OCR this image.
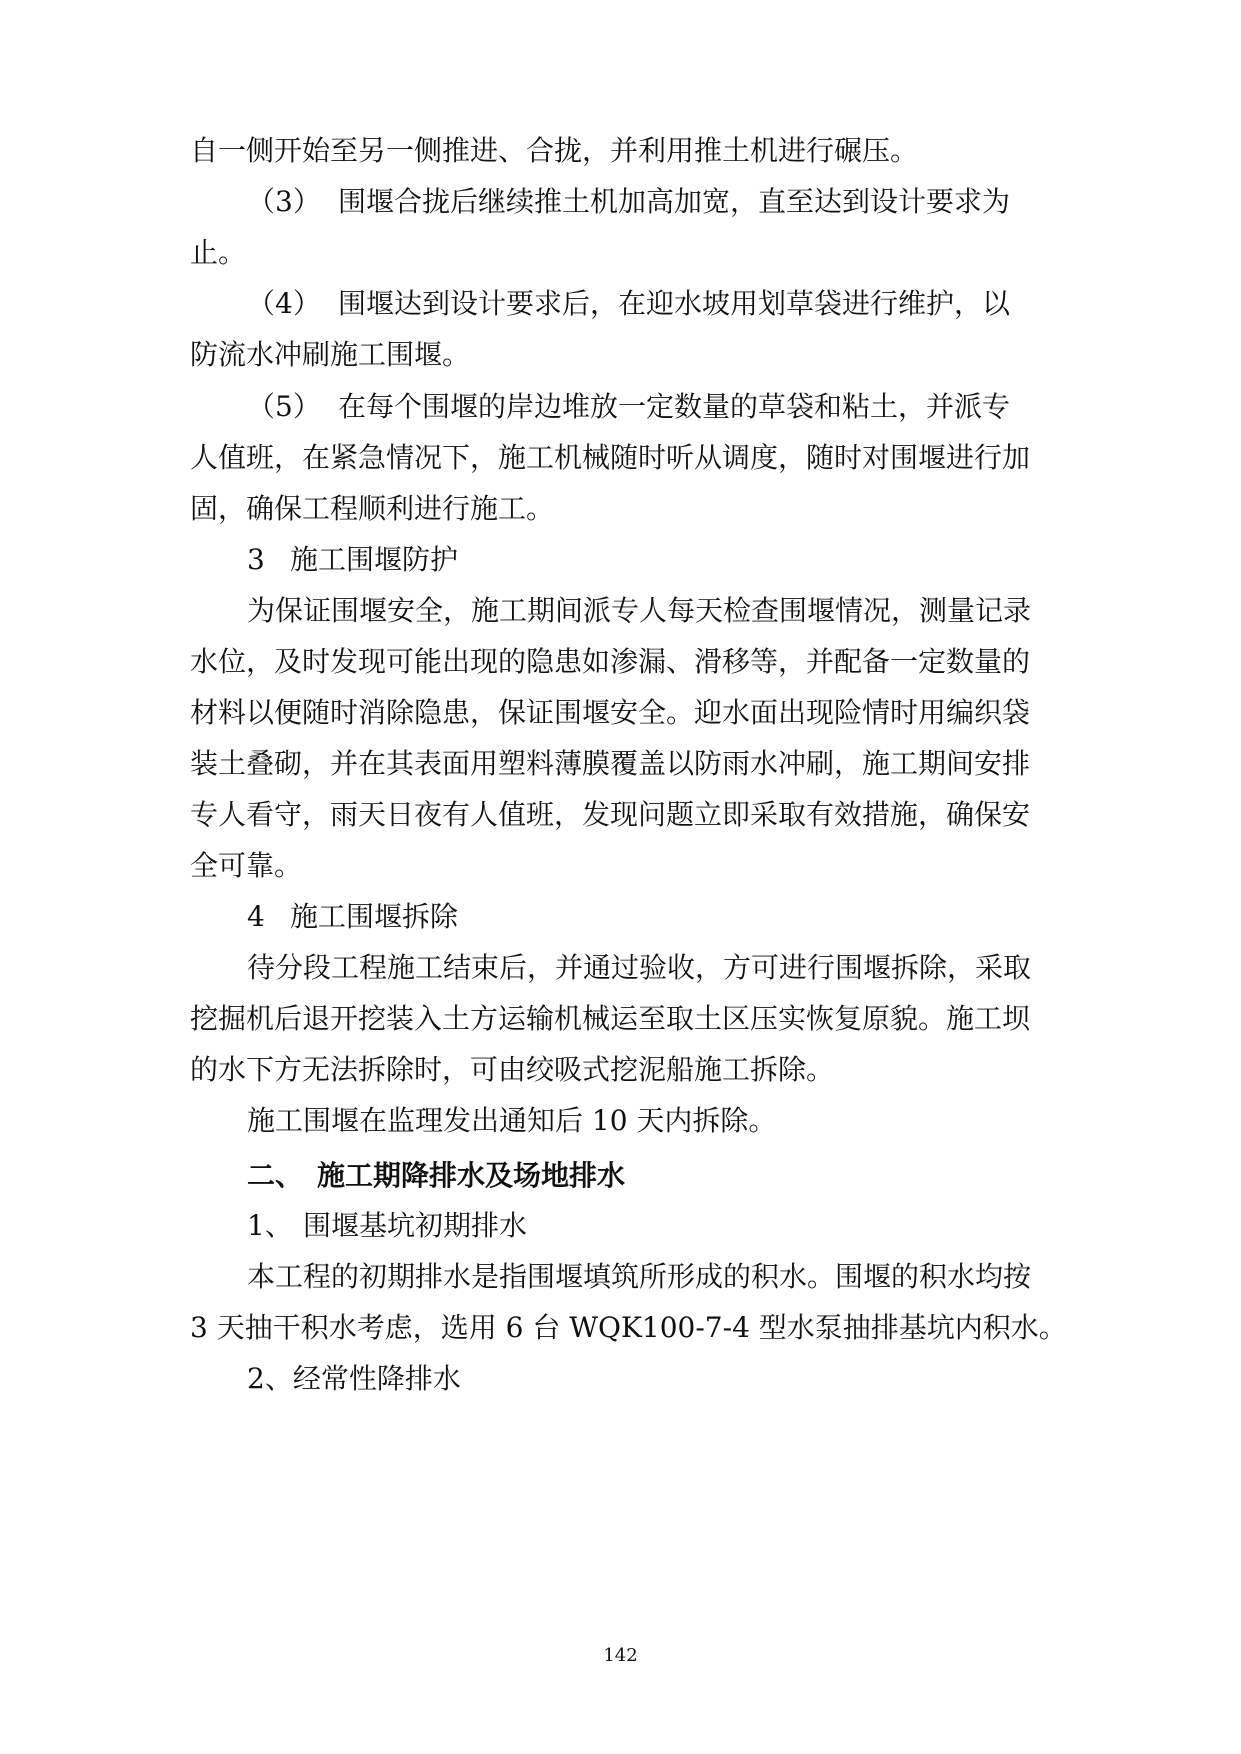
自一侧开始至另一侧推进、合拢，并利用推土机进行碾压。
（3） 围堰合拢后继续推土机加高加宽，直至达到设计要求为
止。
（4） 围堰达到设计要求后，在迎水坡用划草袋进行维护，以
防流水冲刷施工围堰。
（5） 在每个围堰的岸边堆放一定数量的草袋和粘土，并派专
人值班，在紧急情况下，施工机械随时听从调度，随时对围堰进行加
固，确保工程顺利进行施工。
3 施工围堰防护
为保证围堰安全，施工期间派专人每天检查围堰情况，测量记录
水位，及时发现可能出现的隐患如渗漏、滑移等，并配备一定数量的
材料以便随时消除隐患，保证围堰安全。迎水面出现险情时用编织袋
装土叠砌，并在其表面用塑料薄膜覆盖以防雨水冲刷，施工期间安排
专人看守，雨天日夜有人值班，发现问题立即采取有效措施，确保安
全可靠。
4 施工围堰拆除
待分段工程施工结束后，并通过验收，方可进行围堰拆除，采取
挖掘机后退开挖装入土方运输机械运至取土区压实恢复原貌。施工坝
的水下方无法拆除时，可由绞吸式挖泥船施工拆除。
施工围堰在监理发出通知后 10 天内拆除。
二、 施工期降排水及场地排水
1、 围堰基坑初期排水
本工程的初期排水是指围堰填筑所形成的积水。围堰的积水均按
3 天抽干积水考虑，选用 6 台 WQK100-7-4 型水泵抽排基坑内积水。
2、经常性降排水
142
